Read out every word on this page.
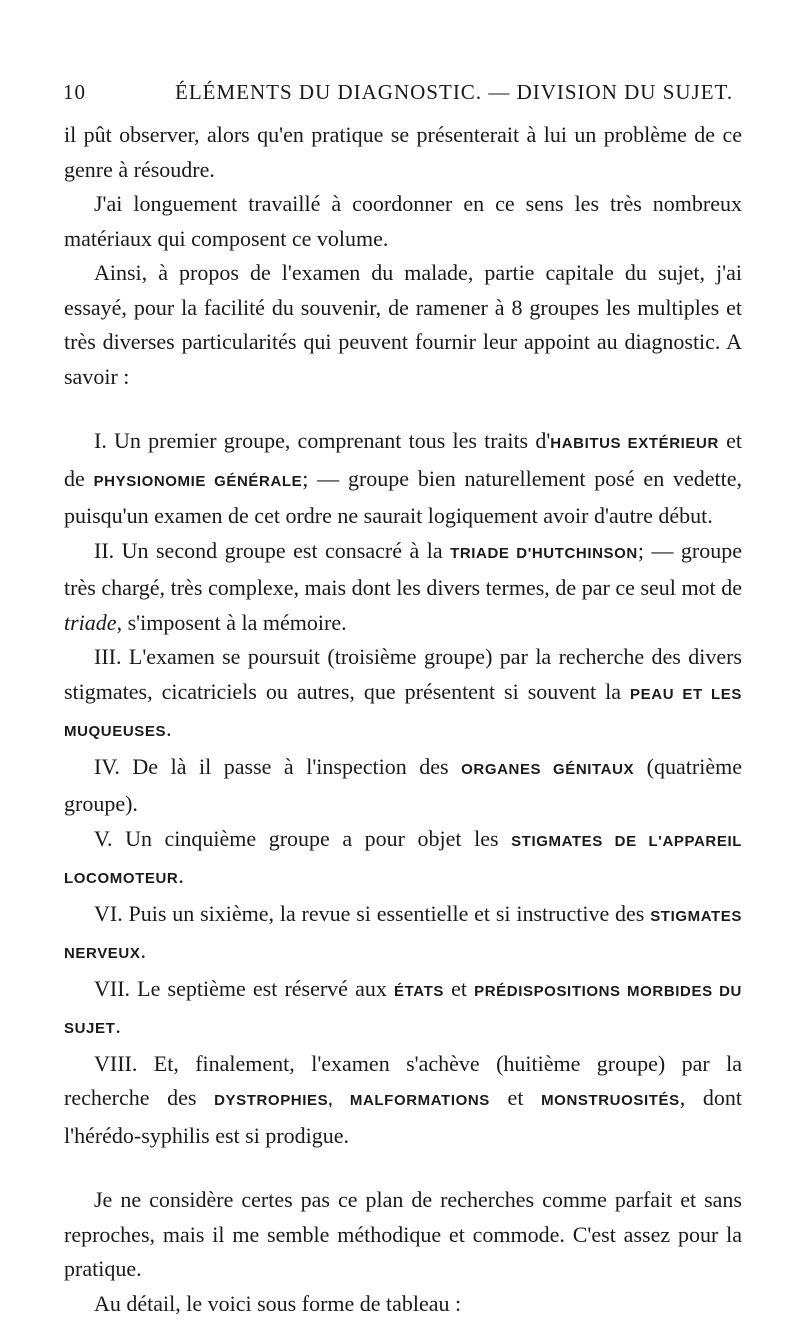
10	ÉLÉMENTS DU DIAGNOSTIC. — DIVISION DU SUJET.

il pût observer, alors qu'en pratique se présenterait à lui un problème de ce genre à résoudre.

J'ai longuement travaillé à coordonner en ce sens les très nombreux matériaux qui composent ce volume.

Ainsi, à propos de l'examen du malade, partie capitale du sujet, j'ai essayé, pour la facilité du souvenir, de ramener à 8 groupes les multiples et très diverses particularités qui peuvent fournir leur appoint au diagnostic. A savoir :

I. Un premier groupe, comprenant tous les traits d'HABITUS EXTÉRIEUR et de PHYSIONOMIE GÉNÉRALE; — groupe bien naturellement posé en vedette, puisqu'un examen de cet ordre ne saurait logiquement avoir d'autre début.

II. Un second groupe est consacré à la TRIADE D'HUTCHINSON; — groupe très chargé, très complexe, mais dont les divers termes, de par ce seul mot de triade, s'imposent à la mémoire.

III. L'examen se poursuit (troisième groupe) par la recherche des divers stigmates, cicatriciels ou autres, que présentent si souvent la PEAU ET LES MUQUEUSES.

IV. De là il passe à l'inspection des ORGANES GÉNITAUX (quatrième groupe).

V. Un cinquième groupe a pour objet les STIGMATES DE L'APPAREIL LOCOMOTEUR.

VI. Puis un sixième, la revue si essentielle et si instructive des STIGMATES NERVEUX.

VII. Le septième est réservé aux ÉTATS et PRÉDISPOSITIONS MORBIDES DU SUJET.

VIII. Et, finalement, l'examen s'achève (huitième groupe) par la recherche des DYSTROPHIES, MALFORMATIONS et MONSTRUOSITÉS, dont l'hérédo-syphilis est si prodigue.

Je ne considère certes pas ce plan de recherches comme parfait et sans reproches, mais il me semble méthodique et commode. C'est assez pour la pratique.

Au détail, le voici sous forme de tableau :
